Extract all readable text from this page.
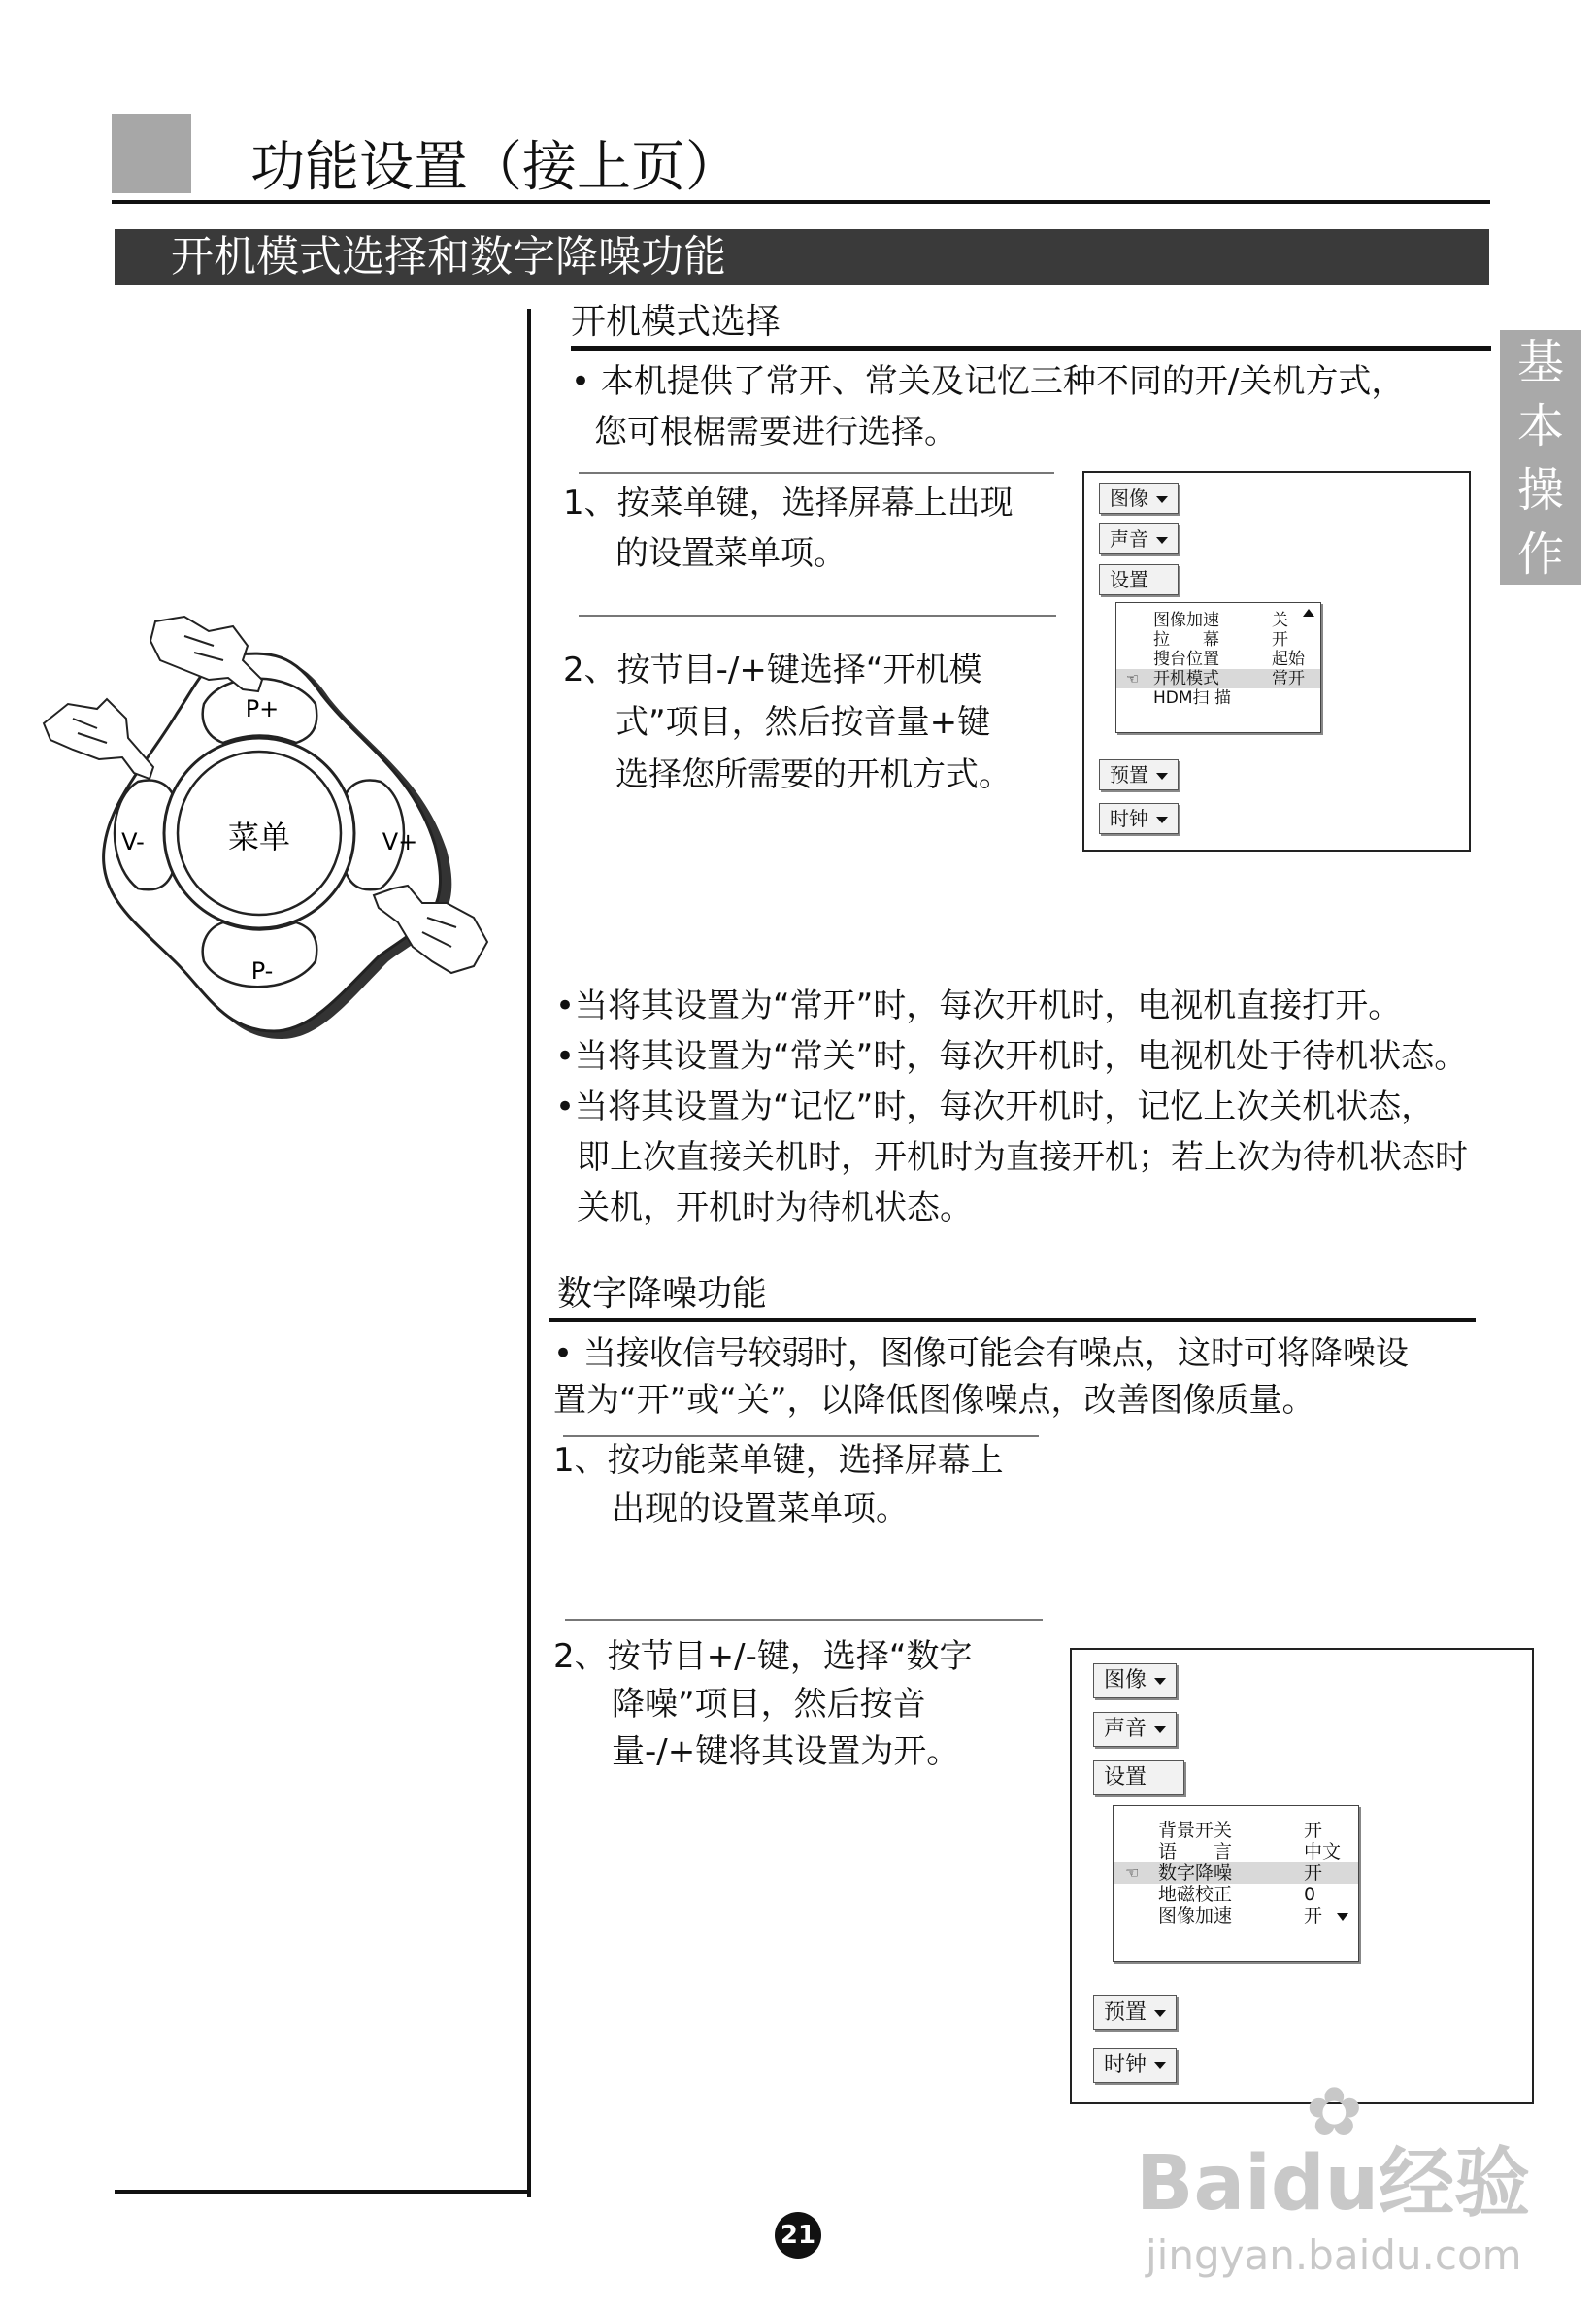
功能设置（接上页）
开机模式选择和数字降噪功能
基
本
操
作
菜单
P+
P-
V-	V+
开机模式选择
• 本机提供了常开、常关及记忆三种不同的开/关机方式，
您可根椐需要进行选择。
1、按菜单键，选择屏幕上出现
的设置菜单项。
2、按节目-/+键选择“开机模
式”项目，然后按音量+键
选择您所需要的开机方式。
图像
声音
设置
图像加速	关
拉　　幕	开
搜台位置	起始
☜ 开机模式	常开
HDM扫 描
预置
时钟
•当将其设置为“常开”时，每次开机时，电视机直接打开。
•当将其设置为“常关”时，每次开机时，电视机处于待机状态。
•当将其设置为“记忆”时，每次开机时，记忆上次关机状态，
即上次直接关机时，开机时为直接开机；若上次为待机状态时
关机，开机时为待机状态。
数字降噪功能
• 当接收信号较弱时，图像可能会有噪点，这时可将降噪设
置为“开”或“关”，以降低图像噪点，改善图像质量。
1、按功能菜单键，选择屏幕上
出现的设置菜单项。
2、按节目+/-键，选择“数字
降噪”项目，然后按音
量-/+键将其设置为开。
图像
声音
设置
背景开关	开
语　　言	中文
☜ 数字降噪	开
地磁校正	0
图像加速	开
预置
时钟
21
✿
Baidu经验
jingyan.baidu.com
